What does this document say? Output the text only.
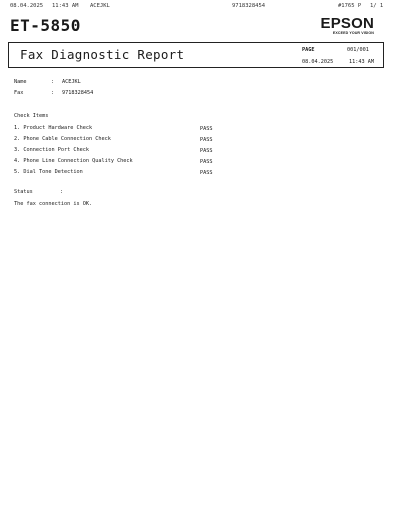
08.04.2025 11:43 AM ACEJKL	9718328454	#1765 P 1/ 1
ET-5850	EPSON
EXCEED YOUR VISION
Fax Diagnostic Report	PAGE	001/001
08.04.2025	11:43 AM
Name	: ACEJKL
Fax	: 9718328454
Check Items
1. Product Hardware Check	PASS
2. Phone Cable Connection Check	PASS
3. Connection Port Check	PASS
4. Phone Line Connection Quality Check	PASS
5. Dial Tone Detection	PASS
Status	:
The fax connection is OK.
